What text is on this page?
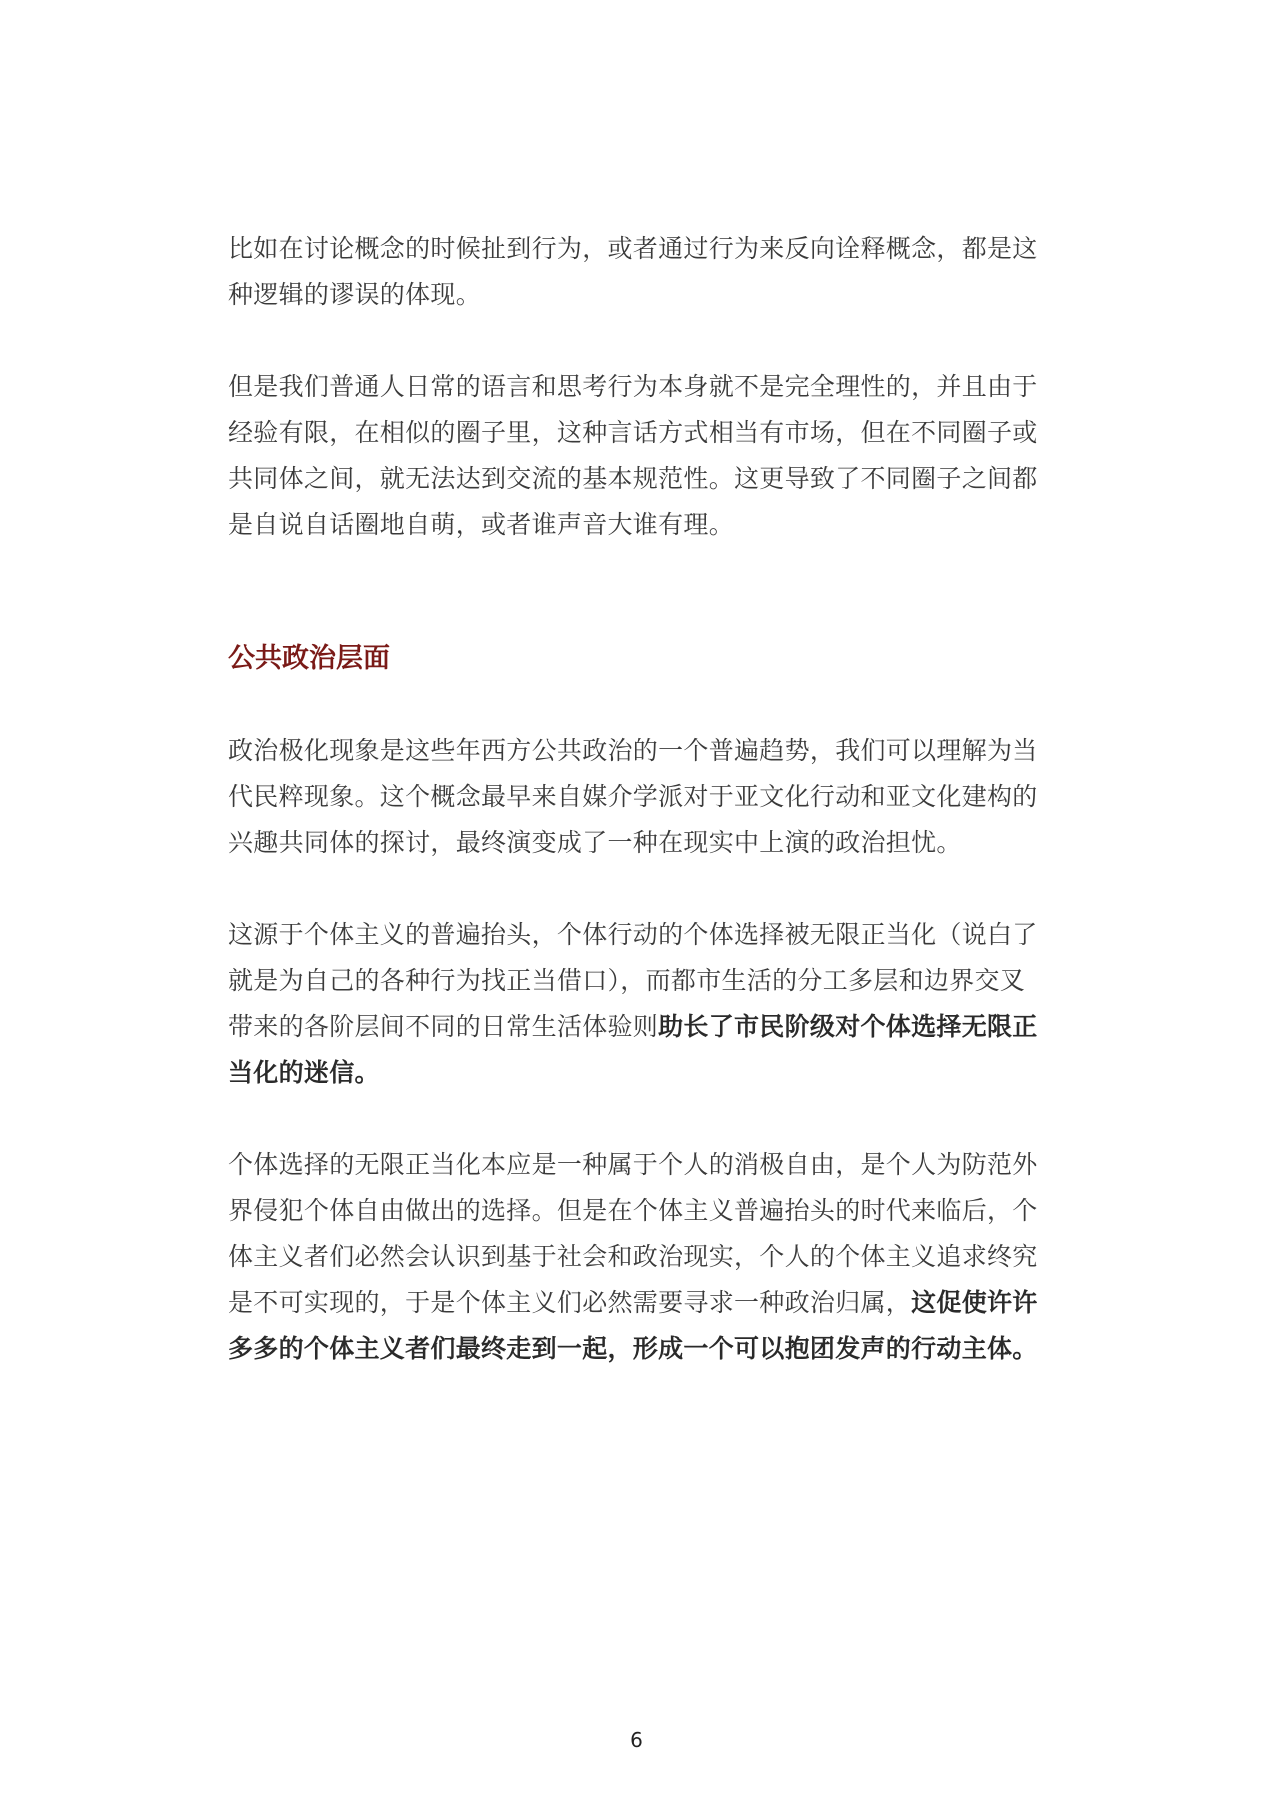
比如在讨论概念的时候扯到行为，或者通过行为来反向诠释概念，都是这种逻辑的谬误的体现。

但是我们普通人日常的语言和思考行为本身就不是完全理性的，并且由于经验有限，在相似的圈子里，这种言话方式相当有市场，但在不同圈子或共同体之间，就无法达到交流的基本规范性。这更导致了不同圈子之间都是自说自话圈地自萌，或者谁声音大谁有理。

公共政治层面

政治极化现象是这些年西方公共政治的一个普遍趋势，我们可以理解为当代民粹现象。这个概念最早来自媒介学派对于亚文化行动和亚文化建构的兴趣共同体的探讨，最终演变成了一种在现实中上演的政治担忧。

这源于个体主义的普遍抬头，个体行动的个体选择被无限正当化（说白了就是为自己的各种行为找正当借口），而都市生活的分工多层和边界交叉带来的各阶层间不同的日常生活体验则助长了市民阶级对个体选择无限正当化的迷信。

个体选择的无限正当化本应是一种属于个人的消极自由，是个人为防范外界侵犯个体自由做出的选择。但是在个体主义普遍抬头的时代来临后，个体主义者们必然会认识到基于社会和政治现实，个人的个体主义追求终究是不可实现的，于是个体主义们必然需要寻求一种政治归属，这促使许许多多的个体主义者们最终走到一起，形成一个可以抱团发声的行动主体。

6
